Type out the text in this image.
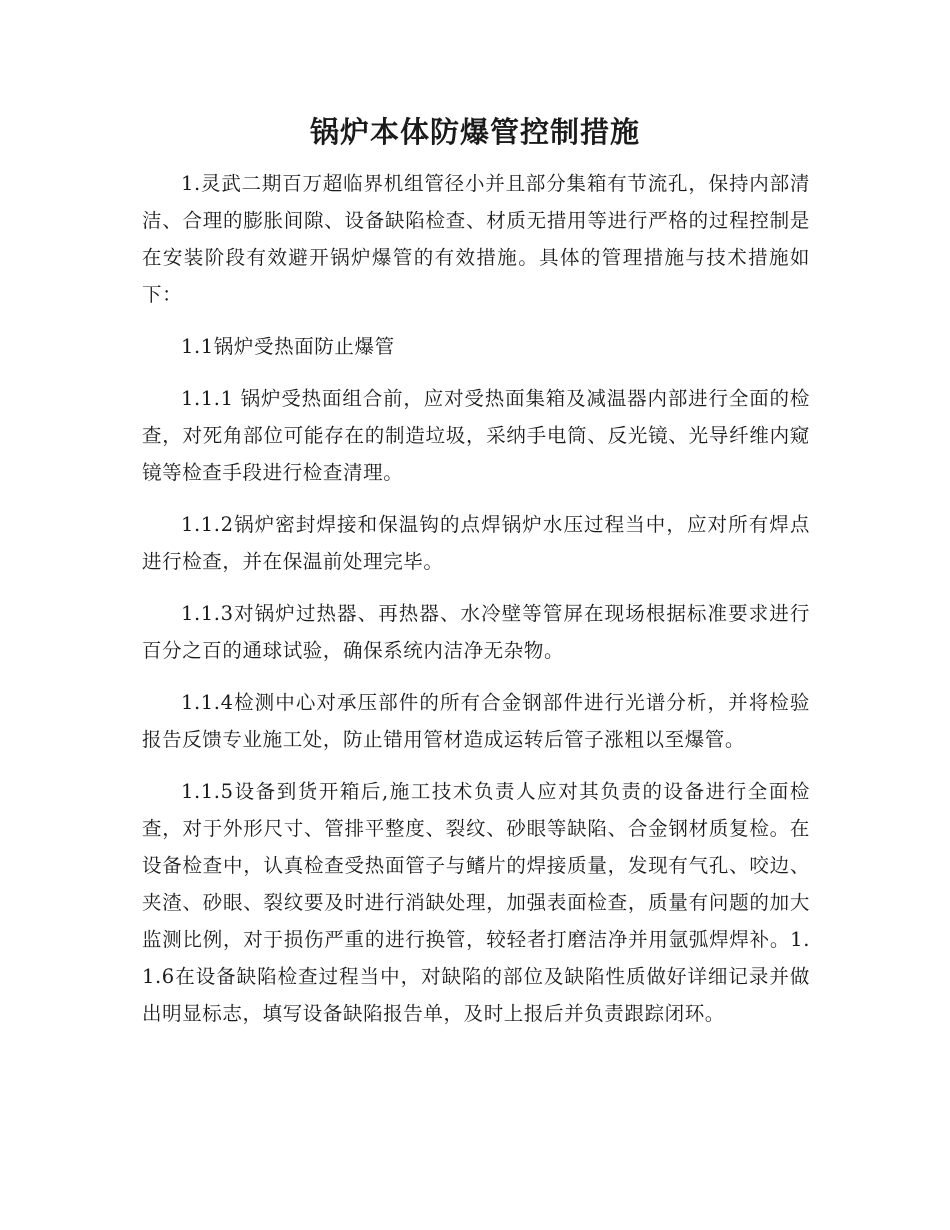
锅炉本体防爆管控制措施

1.灵武二期百万超临界机组管径小并且部分集箱有节流孔，保持内部清洁、合理的膨胀间隙、设备缺陷检查、材质无措用等进行严格的过程控制是在安装阶段有效避开锅炉爆管的有效措施。具体的管理措施与技术措施如下：

1.1锅炉受热面防止爆管

1.1.1 锅炉受热面组合前，应对受热面集箱及减温器内部进行全面的检查，对死角部位可能存在的制造垃圾，采纳手电筒、反光镜、光导纤维内窥镜等检查手段进行检查清理。

1.1.2锅炉密封焊接和保温钩的点焊锅炉水压过程当中，应对所有焊点进行检查，并在保温前处理完毕。

1.1.3对锅炉过热器、再热器、水冷壁等管屏在现场根据标准要求进行百分之百的通球试验，确保系统内洁净无杂物。

1.1.4检测中心对承压部件的所有合金钢部件进行光谱分析，并将检验报告反馈专业施工处，防止错用管材造成运转后管子涨粗以至爆管。

1.1.5设备到货开箱后,施工技术负责人应对其负责的设备进行全面检查，对于外形尺寸、管排平整度、裂纹、砂眼等缺陷、合金钢材质复检。在设备检查中，认真检查受热面管子与鳍片的焊接质量，发现有气孔、咬边、夹渣、砂眼、裂纹要及时进行消缺处理，加强表面检查，质量有问题的加大监测比例，对于损伤严重的进行换管，较轻者打磨洁净并用氩弧焊焊补。1.1.6在设备缺陷检查过程当中，对缺陷的部位及缺陷性质做好详细记录并做出明显标志，填写设备缺陷报告单，及时上报后并负责跟踪闭环。
